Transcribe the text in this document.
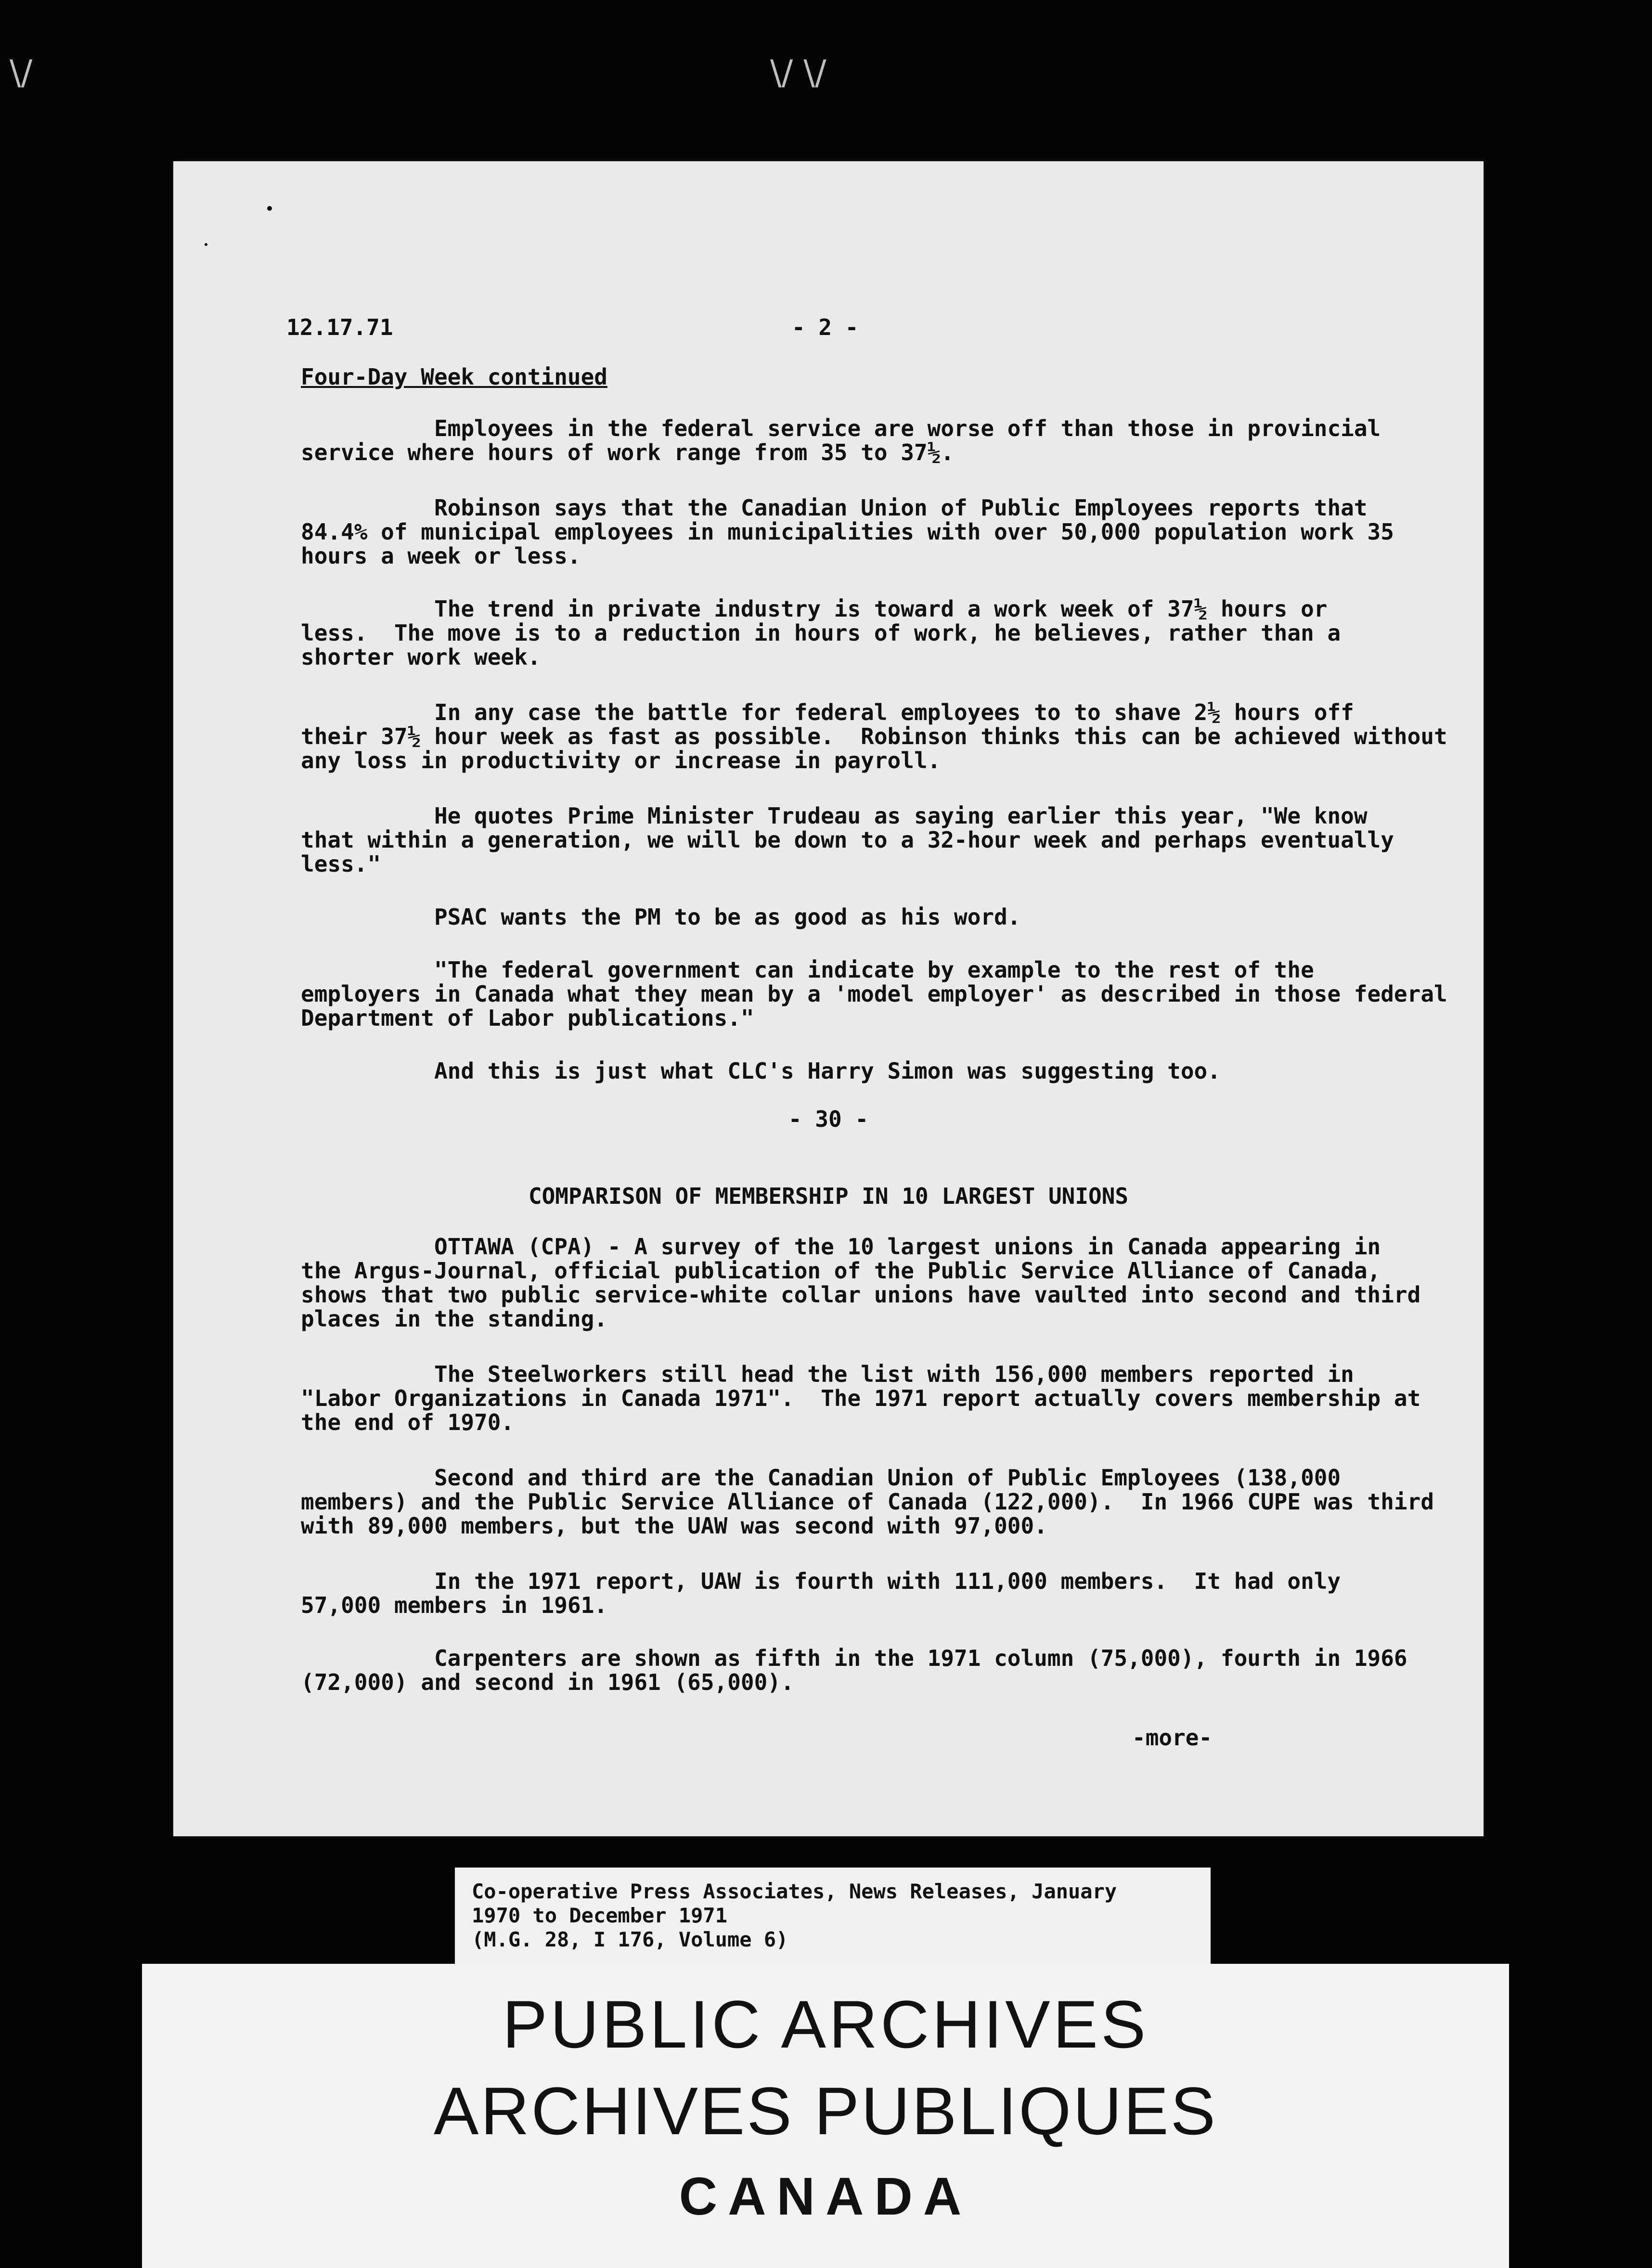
\/	\/ \/
12.17.71	- 2 -
Four-Day Week continued

Employees in the federal service are worse off than those in provincial
service where hours of work range from 35 to 37½.

Robinson says that the Canadian Union of Public Employees reports that
84.4% of municipal employees in municipalities with over 50,000 population work 35
hours a week or less.

The trend in private industry is toward a work week of 37½ hours or
less.  The move is to a reduction in hours of work, he believes, rather than a
shorter work week.

In any case the battle for federal employees to to shave 2½ hours off
their 37½ hour week as fast as possible.  Robinson thinks this can be achieved without
any loss in productivity or increase in payroll.

He quotes Prime Minister Trudeau as saying earlier this year, "We know
that within a generation, we will be down to a 32-hour week and perhaps eventually
less."

PSAC wants the PM to be as good as his word.

"The federal government can indicate by example to the rest of the
employers in Canada what they mean by a 'model employer' as described in those federal
Department of Labor publications."

And this is just what CLC's Harry Simon was suggesting too.

- 30 -
COMPARISON OF MEMBERSHIP IN 10 LARGEST UNIONS

OTTAWA (CPA) - A survey of the 10 largest unions in Canada appearing in
the Argus-Journal, official publication of the Public Service Alliance of Canada,
shows that two public service-white collar unions have vaulted into second and third
places in the standing.

The Steelworkers still head the list with 156,000 members reported in
"Labor Organizations in Canada 1971".  The 1971 report actually covers membership at
the end of 1970.

Second and third are the Canadian Union of Public Employees (138,000
members) and the Public Service Alliance of Canada (122,000).  In 1966 CUPE was third
with 89,000 members, but the UAW was second with 97,000.

In the 1971 report, UAW is fourth with 111,000 members.  It had only
57,000 members in 1961.

Carpenters are shown as fifth in the 1971 column (75,000), fourth in 1966
(72,000) and second in 1961 (65,000).

-more-

Co-operative Press Associates, News Releases, January

1970 to December 1971

(M.G. 28, I 176, Volume 6)

PUBLIC ARCHIVES

ARCHIVES PUBLIQUES

CANADA
